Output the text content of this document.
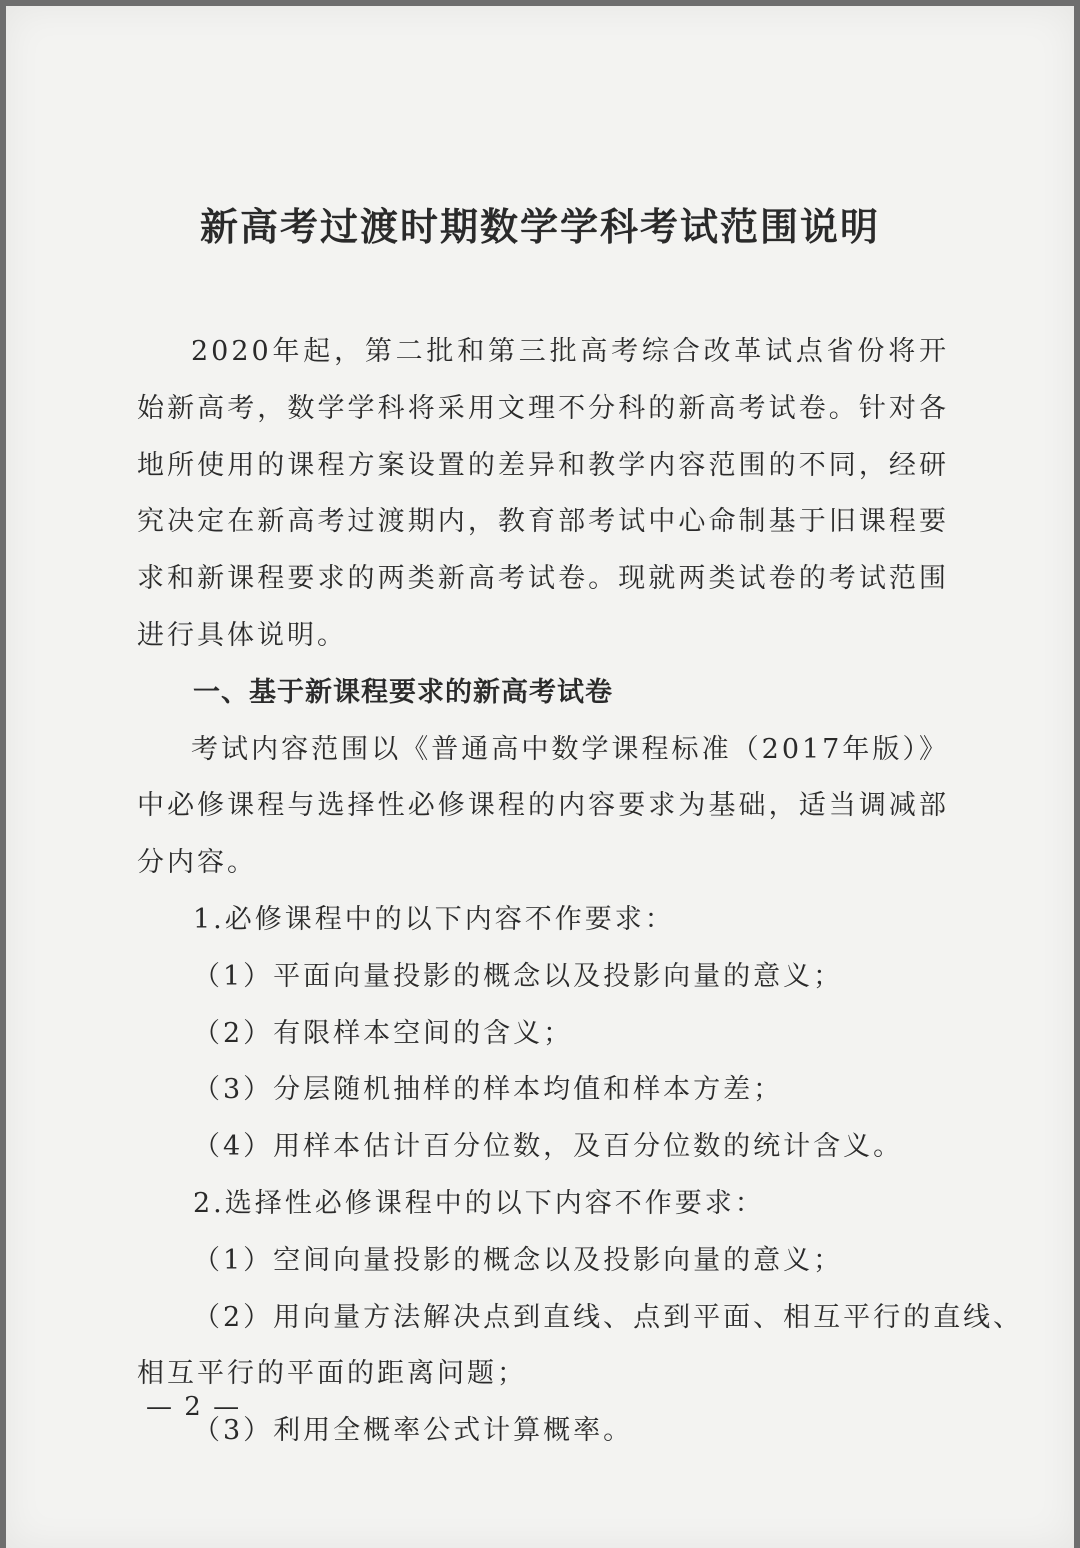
新高考过渡时期数学学科考试范围说明

2020年起，第二批和第三批高考综合改革试点省份将开始新高考，数学学科将采用文理不分科的新高考试卷。针对各地所使用的课程方案设置的差异和教学内容范围的不同，经研究决定在新高考过渡期内，教育部考试中心命制基于旧课程要求和新课程要求的两类新高考试卷。现就两类试卷的考试范围进行具体说明。

一、基于新课程要求的新高考试卷

考试内容范围以《普通高中数学课程标准（2017年版）》中必修课程与选择性必修课程的内容要求为基础，适当调减部分内容。

1.必修课程中的以下内容不作要求：

（1）平面向量投影的概念以及投影向量的意义；

（2）有限样本空间的含义；

（3）分层随机抽样的样本均值和样本方差；

（4）用样本估计百分位数，及百分位数的统计含义。

2.选择性必修课程中的以下内容不作要求：

（1）空间向量投影的概念以及投影向量的意义；

（2）用向量方法解决点到直线、点到平面、相互平行的直线、

相互平行的平面的距离问题；

（3）利用全概率公式计算概率。

— 2 —
